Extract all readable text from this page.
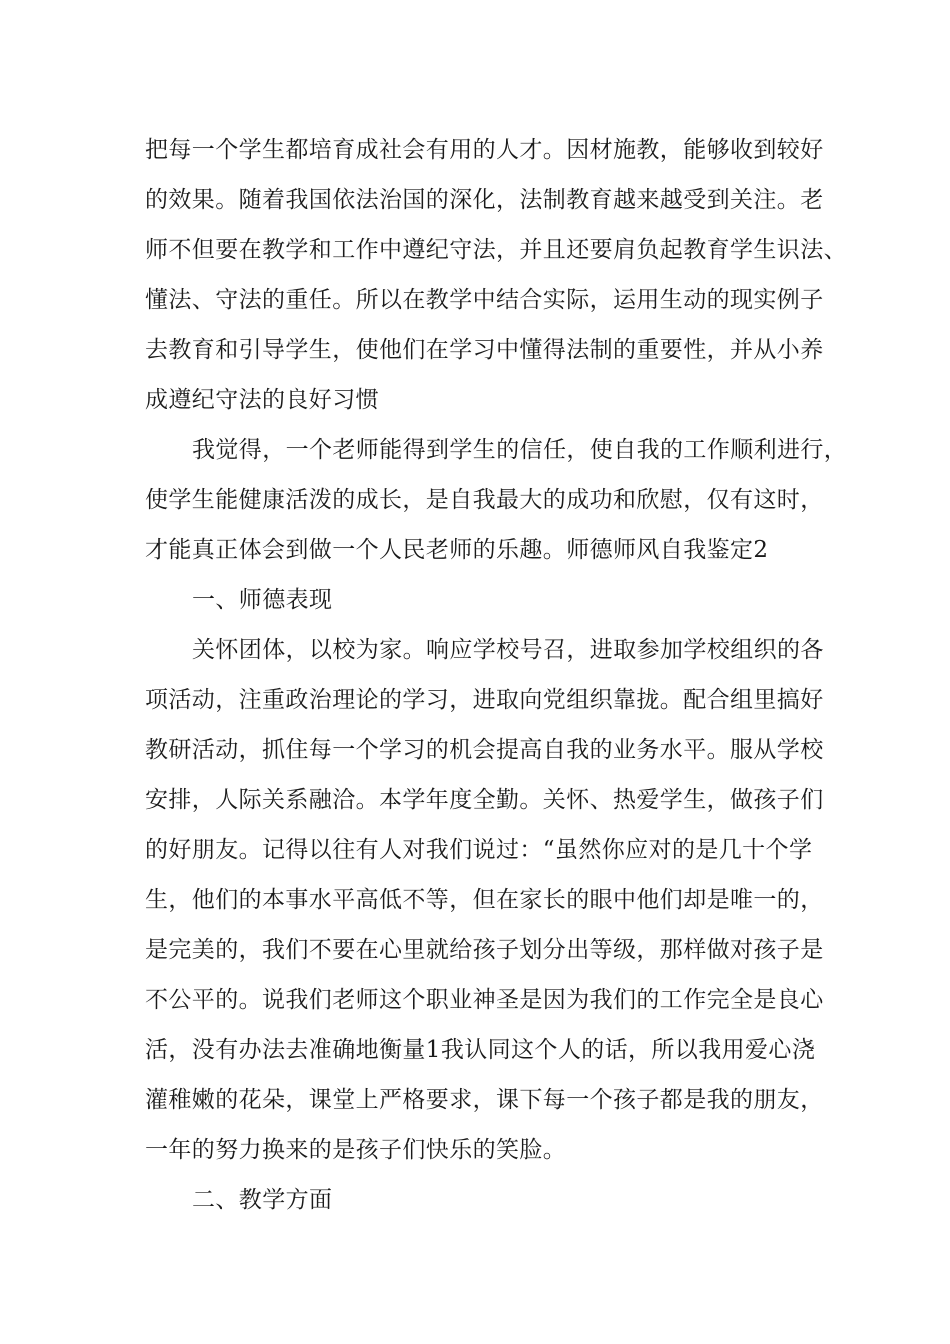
把每一个学生都培育成社会有用的人才。因材施教，能够收到较好
的效果。随着我国依法治国的深化，法制教育越来越受到关注。老
师不但要在教学和工作中遵纪守法，并且还要肩负起教育学生识法、
懂法、守法的重任。所以在教学中结合实际，运用生动的现实例子
去教育和引导学生，使他们在学习中懂得法制的重要性，并从小养
成遵纪守法的良好习惯
我觉得，一个老师能得到学生的信任，使自我的工作顺利进行，
使学生能健康活泼的成长，是自我最大的成功和欣慰，仅有这时，
才能真正体会到做一个人民老师的乐趣。师德师风自我鉴定2
一、师德表现
关怀团体，以校为家。响应学校号召，进取参加学校组织的各
项活动，注重政治理论的学习，进取向党组织靠拢。配合组里搞好
教研活动，抓住每一个学习的机会提高自我的业务水平。服从学校
安排，人际关系融洽。本学年度全勤。关怀、热爱学生，做孩子们
的好朋友。记得以往有人对我们说过：“虽然你应对的是几十个学
生，他们的本事水平高低不等，但在家长的眼中他们却是唯一的，
是完美的，我们不要在心里就给孩子划分出等级，那样做对孩子是
不公平的。说我们老师这个职业神圣是因为我们的工作完全是良心
活，没有办法去准确地衡量1我认同这个人的话，所以我用爱心浇
灌稚嫩的花朵，课堂上严格要求，课下每一个孩子都是我的朋友，
一年的努力换来的是孩子们快乐的笑脸。
二、教学方面
